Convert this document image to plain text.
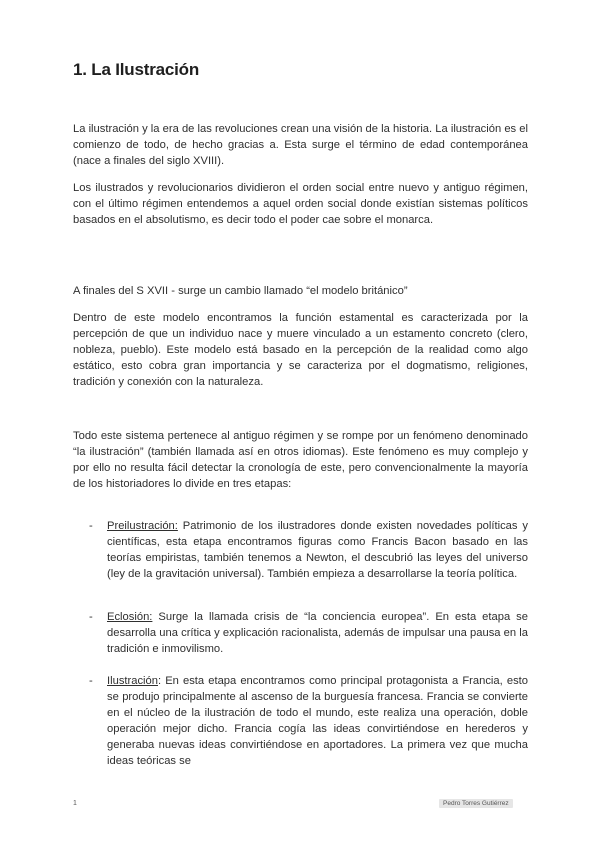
1. La Ilustración

La ilustración y la era de las revoluciones crean una visión de la historia. La ilustración es el comienzo de todo, de hecho gracias a. Esta surge el término de edad contemporánea (nace a finales del siglo XVIII).

Los ilustrados y revolucionarios dividieron el orden social entre nuevo y antiguo régimen, con el último régimen entendemos a aquel orden social donde existían sistemas políticos basados en el absolutismo, es decir todo el poder cae sobre el monarca.

A finales del S XVII - surge un cambio llamado “el modelo británico”

Dentro de este modelo encontramos la función estamental es caracterizada por la percepción de que un individuo nace y muere vinculado a un estamento concreto (clero, nobleza, pueblo). Este modelo está basado en la percepción de la realidad como algo estático, esto cobra gran importancia y se caracteriza por el dogmatismo, religiones, tradición y conexión con la naturaleza.

Todo este sistema pertenece al antiguo régimen y se rompe por un fenómeno denominado “la ilustración” (también llamada así en otros idiomas). Este fenómeno es muy complejo y por ello no resulta fácil detectar la cronología de este, pero convencionalmente la mayoría de los historiadores lo divide en tres etapas:

- Preilustración: Patrimonio de los ilustradores donde existen novedades políticas y científicas, esta etapa encontramos figuras como Francis Bacon basado en las teorías empiristas, también tenemos a Newton, el descubrió las leyes del universo (ley de la gravitación universal). También empieza a desarrollarse la teoría política.

- Eclosión: Surge la llamada crisis de “la conciencia europea”. En esta etapa se desarrolla una crítica y explicación racionalista, además de impulsar una pausa en la tradición e inmovilismo.

- Ilustración: En esta etapa encontramos como principal protagonista a Francia, esto se produjo principalmente al ascenso de la burguesía francesa. Francia se convierte en el núcleo de la ilustración de todo el mundo, este realiza una operación, doble operación mejor dicho. Francia cogía las ideas convirtiéndose en herederos y generaba nuevas ideas convirtiéndose en aportadores. La primera vez que mucha ideas teóricas se

1	Pedro Torres Gutiérrez
